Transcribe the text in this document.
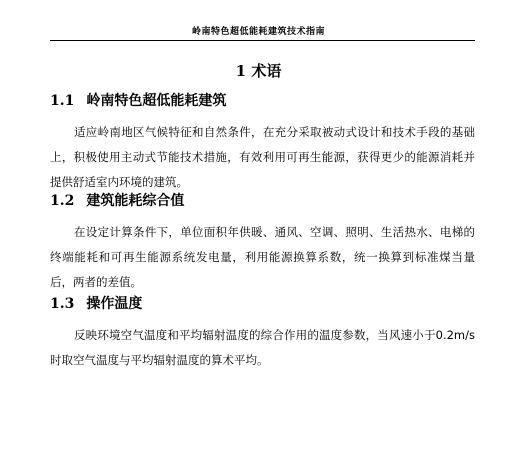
岭南特色超低能耗建筑技术指南
1 术语
1.1 岭南特色超低能耗建筑

适应岭南地区气候特征和自然条件，在充分采取被动式设计和技术手段的基础上，积极使用主动式节能技术措施，有效利用可再生能源，获得更少的能源消耗并提供舒适室内环境的建筑。

1.2 建筑能耗综合值

在设定计算条件下，单位面积年供暖、通风、空调、照明、生活热水、电梯的终端能耗和可再生能源系统发电量，利用能源换算系数，统一换算到标准煤当量后，两者的差值。

1.3 操作温度

反映环境空气温度和平均辐射温度的综合作用的温度参数，当风速小于0.2m/s时取空气温度与平均辐射温度的算术平均。
